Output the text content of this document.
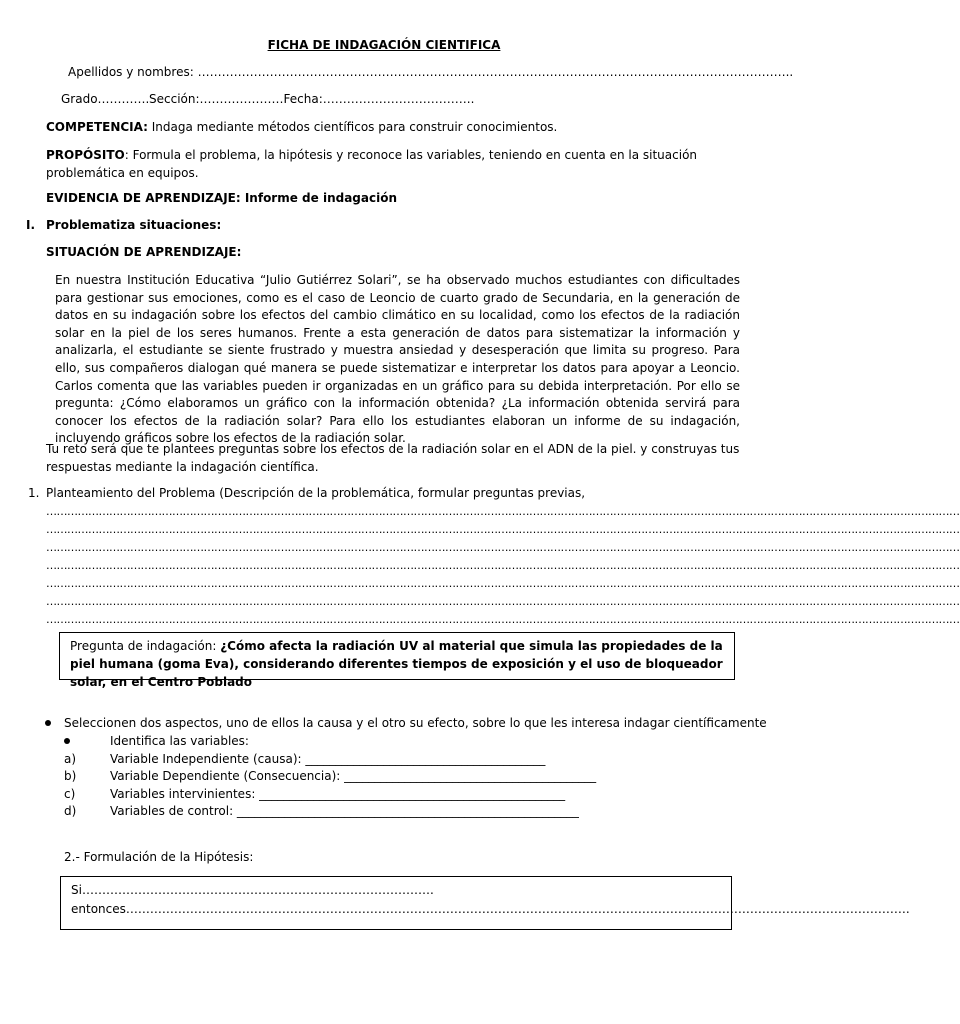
FICHA DE INDAGACIÓN CIENTIFICA
Apellidos y nombres: …………………………………………………………………………………………………………………………………..
Grado…………. Sección:…………………Fecha:………………………………..
COMPETENCIA: Indaga mediante métodos científicos para construir conocimientos.
PROPÓSITO: Formula el problema, la hipótesis y reconoce las variables, teniendo en cuenta en la situación problemática en equipos.
EVIDENCIA DE APRENDIZAJE: Informe de indagación
I. Problematiza situaciones:
SITUACIÓN DE APRENDIZAJE:
En nuestra Institución Educativa “Julio Gutiérrez Solari”, se ha observado muchos estudiantes con dificultades para gestionar sus emociones, como es el caso de Leoncio de cuarto grado de Secundaria, en la generación de datos en su indagación sobre los efectos del cambio climático en su localidad, como los efectos de la radiación solar en la piel de los seres humanos. Frente a esta generación de datos para sistematizar la información y analizarla, el estudiante se siente frustrado y muestra ansiedad y desesperación que limita su progreso. Para ello, sus compañeros dialogan qué manera se puede sistematizar e interpretar los datos para apoyar a Leoncio. Carlos comenta que las variables pueden ir organizadas en un gráfico para su debida interpretación. Por ello se pregunta: ¿Cómo elaboramos un gráfico con la información obtenida? ¿La información obtenida servirá para conocer los efectos de la radiación solar? Para ello los estudiantes elaboran un informe de su indagación, incluyendo gráficos sobre los efectos de la radiación solar.
Tu reto será que te plantees preguntas sobre los efectos de la radiación solar en el ADN de la piel. y construyas tus respuestas mediante la indagación científica.
1. Planteamiento del Problema (Descripción de la problemática, formular preguntas previas,
………………………………………………………………………………………………………………………………………………………………………………………………………………………………………
………………………………………………………………………………………………………………………………………………………………………………………………………………………………………
………………………………………………………………………………………………………………………………………………………………………………………………………………………………………
………………………………………………………………………………………………………………………………………………………………………………………………………………………………………
………………………………………………………………………………………………………………………………………………………………………………………………………………………………………
………………………………………………………………………………………………………………………………………………………………………………………………………………………………………
………………………………………………………………………………………………………………………………………………………………………………………………………………………………………
Pregunta de indagación: ¿Cómo afecta la radiación UV al material que simula las propiedades de la piel humana (goma Eva), considerando diferentes tiempos de exposición y el uso de bloqueador solar, en el Centro Poblado
Seleccionen dos aspectos, uno de ellos la causa y el otro su efecto, sobre lo que les interesa indagar científicamente
Identifica las variables:
a)	Variable Independiente (causa): ________________________________________
b)	Variable Dependiente (Consecuencia): __________________________________________
c)	Variables intervinientes: ___________________________________________________
d)	Variables de control: _________________________________________________________
2.- Formulación de la Hipótesis:
Si…………………………………………………………………………….
entonces…………………………………………………………………………………………………………………………………………………………………………….
